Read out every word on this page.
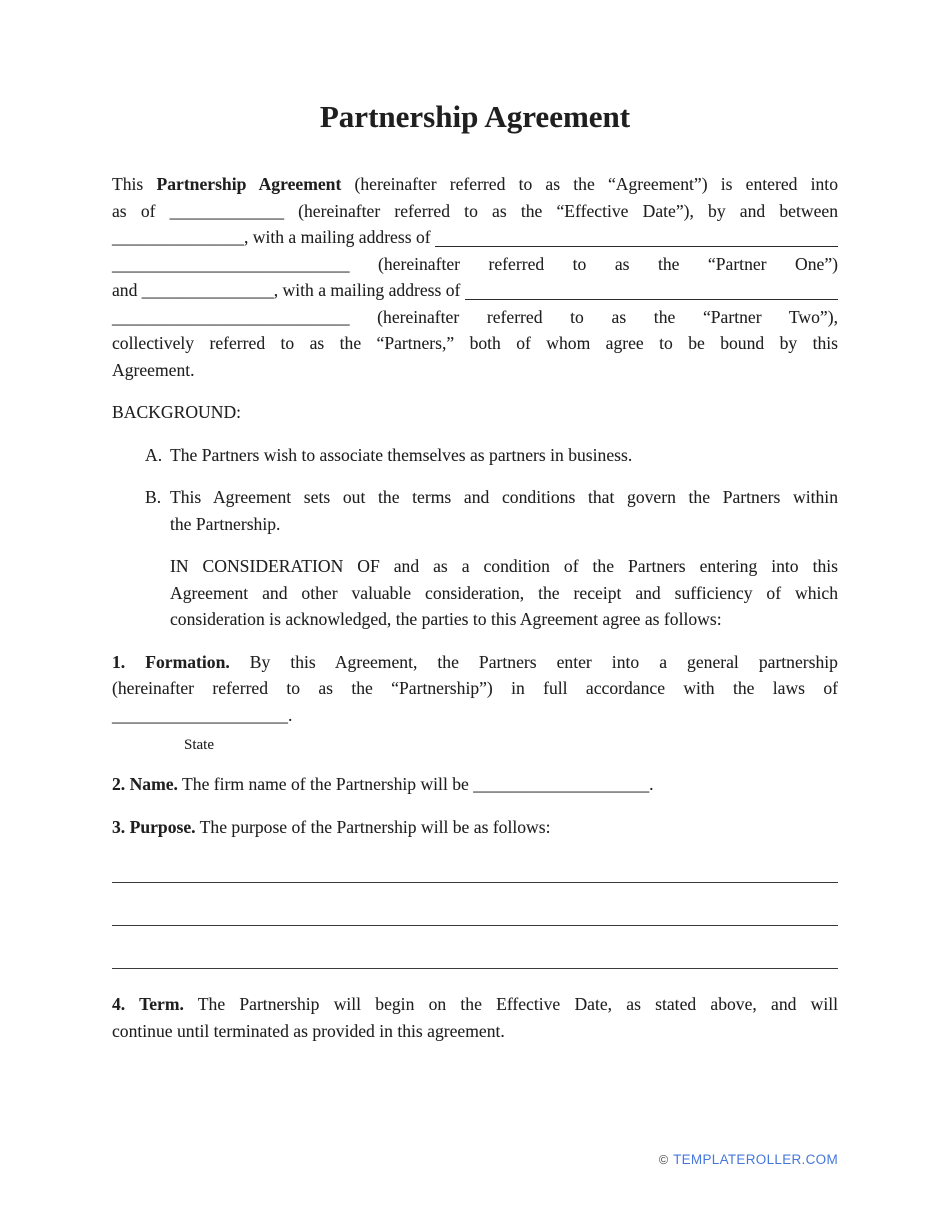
Partnership Agreement
This Partnership Agreement (hereinafter referred to as the “Agreement”) is entered into
as of _____________ (hereinafter referred to as the “Effective Date”), by and between
_______________, with a mailing address of
___________________________ (hereinafter referred to as the “Partner One”)
and _______________, with a mailing address of
___________________________ (hereinafter referred to as the “Partner Two”),
collectively referred to as the “Partners,” both of whom agree to be bound by this
Agreement.
BACKGROUND:
A. The Partners wish to associate themselves as partners in business.
B. This Agreement sets out the terms and conditions that govern the Partners within
the Partnership.
IN CONSIDERATION OF and as a condition of the Partners entering into this
Agreement and other valuable consideration, the receipt and sufficiency of which
consideration is acknowledged, the parties to this Agreement agree as follows:
1. Formation. By this Agreement, the Partners enter into a general partnership
(hereinafter referred to as the “Partnership”) in full accordance with the laws of
____________________.
State
2. Name. The firm name of the Partnership will be ____________________.
3. Purpose. The purpose of the Partnership will be as follows:
4. Term. The Partnership will begin on the Effective Date, as stated above, and will
continue until terminated as provided in this agreement.
© TEMPLATEROLLER.COM
